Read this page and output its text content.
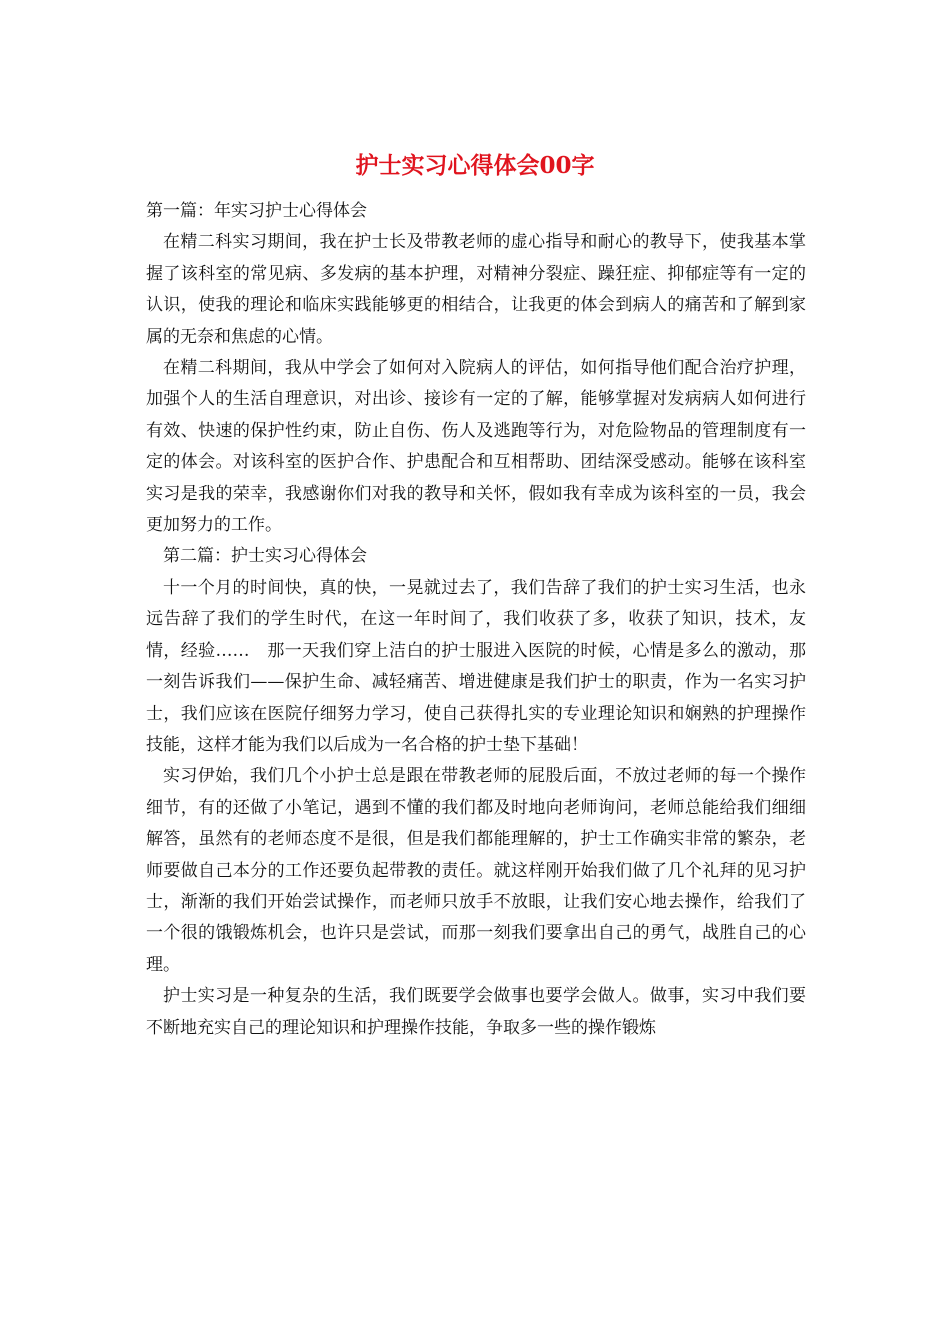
护士实习心得体会00字

第一篇：年实习护士心得体会

在精二科实习期间，我在护士长及带教老师的虚心指导和耐心的教导下，使我基本掌握了该科室的常见病、多发病的基本护理，对精神分裂症、躁狂症、抑郁症等有一定的认识，使我的理论和临床实践能够更的相结合，让我更的体会到病人的痛苦和了解到家属的无奈和焦虑的心情。

在精二科期间，我从中学会了如何对入院病人的评估，如何指导他们配合治疗护理，加强个人的生活自理意识，对出诊、接诊有一定的了解，能够掌握对发病病人如何进行有效、快速的保护性约束，防止自伤、伤人及逃跑等行为，对危险物品的管理制度有一定的体会。对该科室的医护合作、护患配合和互相帮助、团结深受感动。能够在该科室实习是我的荣幸，我感谢你们对我的教导和关怀，假如我有幸成为该科室的一员，我会更加努力的工作。

第二篇：护士实习心得体会

十一个月的时间快，真的快，一晃就过去了，我们告辞了我们的护士实习生活，也永远告辞了我们的学生时代，在这一年时间了，我们收获了多，收获了知识，技术，友情，经验……　那一天我们穿上洁白的护士服进入医院的时候，心情是多么的激动，那一刻告诉我们——保护生命、减轻痛苦、增进健康是我们护士的职责，作为一名实习护士，我们应该在医院仔细努力学习，使自己获得扎实的专业理论知识和娴熟的护理操作技能，这样才能为我们以后成为一名合格的护士垫下基础！

实习伊始，我们几个小护士总是跟在带教老师的屁股后面，不放过老师的每一个操作细节，有的还做了小笔记，遇到不懂的我们都及时地向老师询问，老师总能给我们细细解答，虽然有的老师态度不是很，但是我们都能理解的，护士工作确实非常的繁杂，老师要做自己本分的工作还要负起带教的责任。就这样刚开始我们做了几个礼拜的见习护士，渐渐的我们开始尝试操作，而老师只放手不放眼，让我们安心地去操作，给我们了一个很的饿锻炼机会，也许只是尝试，而那一刻我们要拿出自己的勇气，战胜自己的心理。

护士实习是一种复杂的生活，我们既要学会做事也要学会做人。做事，实习中我们要不断地充实自己的理论知识和护理操作技能，争取多一些的操作锻炼
